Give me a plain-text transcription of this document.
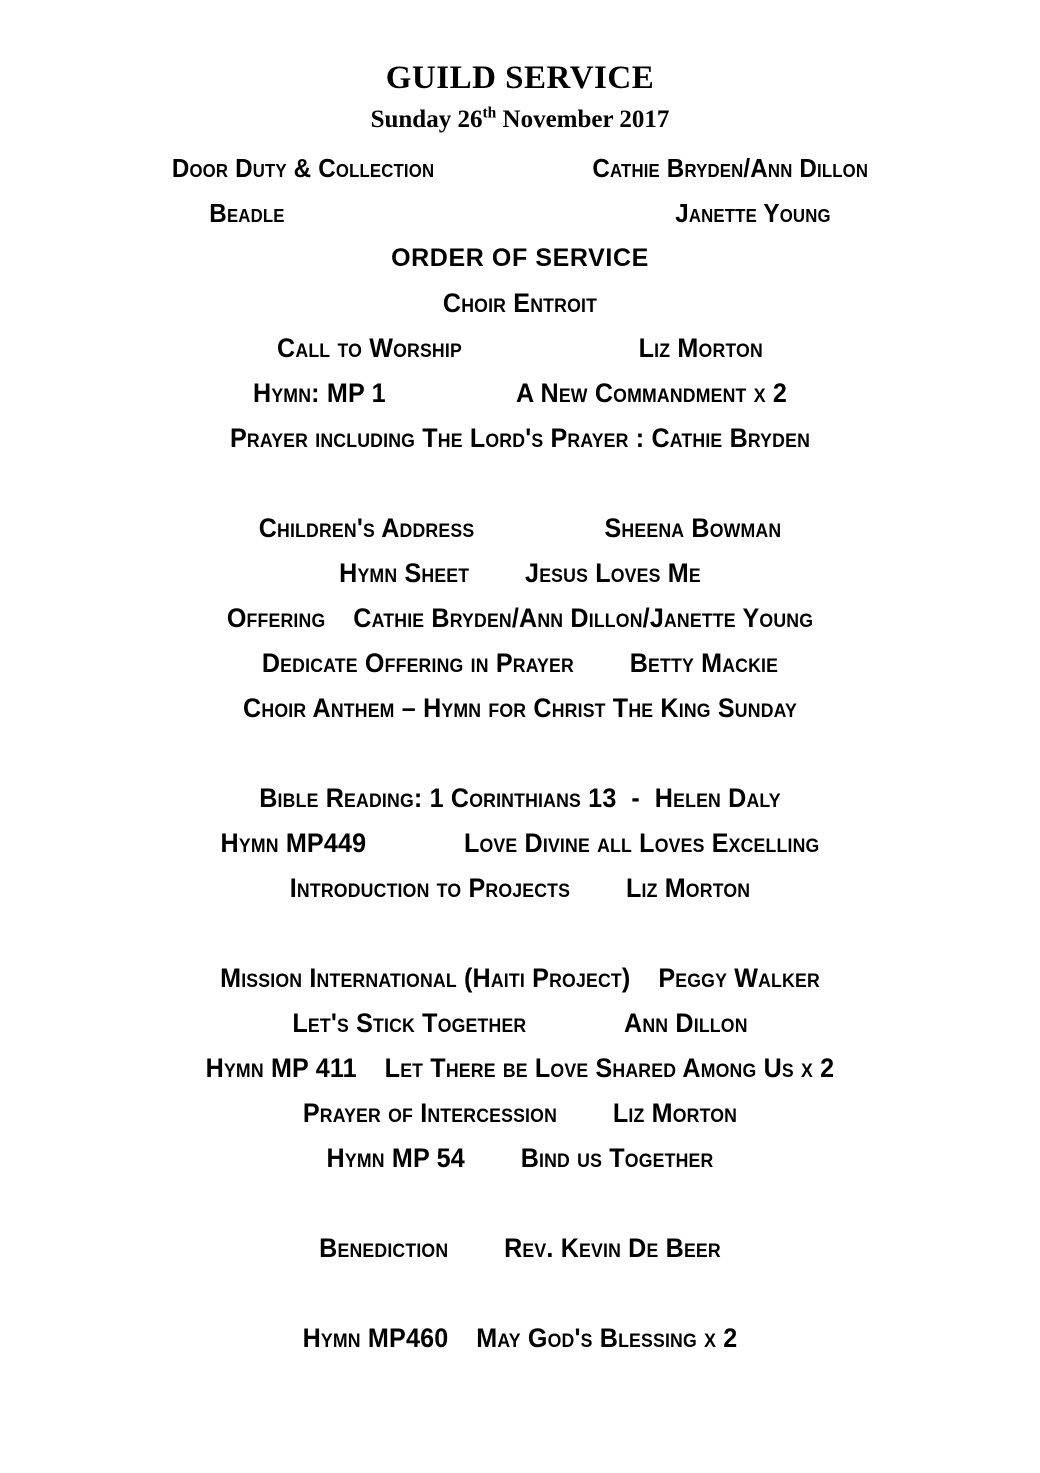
GUILD SERVICE
Sunday 26th November 2017
Door Duty & Collection	Cathie Bryden/Ann Dillon
Beadle	Janette Young
ORDER OF SERVICE
Choir Entroit
Call to Worship	Liz Morton
Hymn: MP 1	A New Commandment x 2
Prayer including The Lord's Prayer : Cathie Bryden
Children's Address	Sheena Bowman
Hymn Sheet Jesus Loves Me
Offering Cathie Bryden/Ann Dillon/Janette Young
Dedicate Offering in Prayer Betty Mackie
Choir Anthem – Hymn for Christ The King Sunday
Bible Reading: 1 Corinthians 13 - Helen Daly
Hymn MP449	Love Divine all Loves Excelling
Introduction to Projects Liz Morton
Mission International (Haiti Project) Peggy Walker
Let's Stick Together	Ann Dillon
Hymn MP 411 Let There be Love Shared Among Us x 2
Prayer of Intercession Liz Morton
Hymn MP 54 Bind us Together
Benediction Rev. Kevin De Beer
Hymn MP460 May God's Blessing x 2
